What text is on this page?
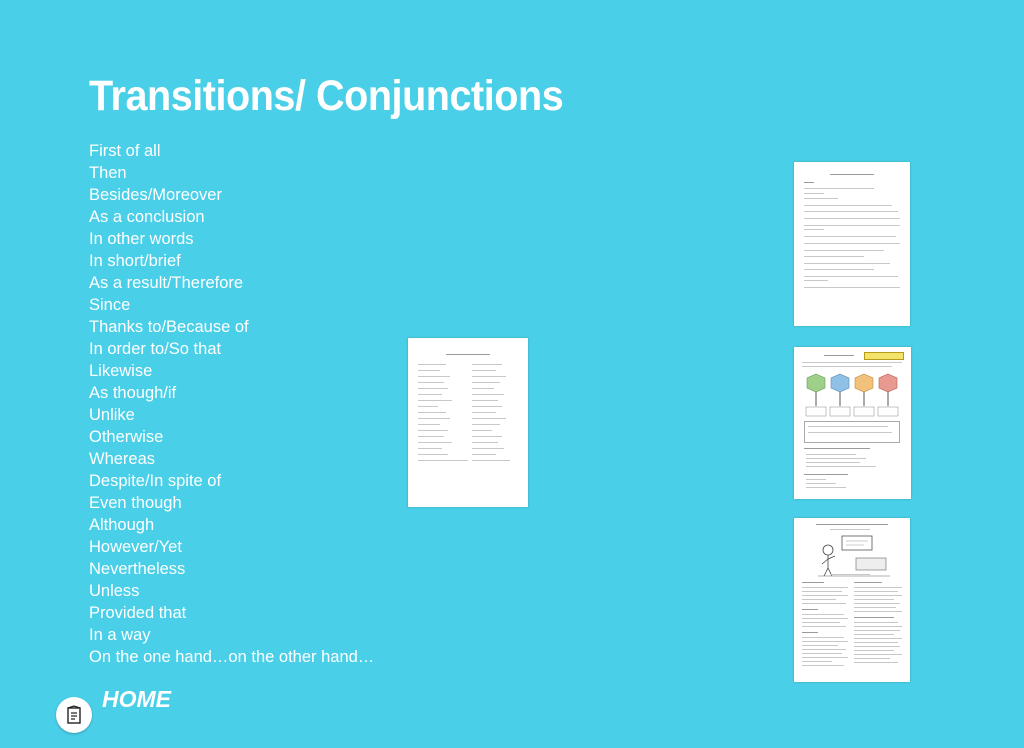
Transitions/ Conjunctions
First of all
Then
Besides/Moreover
As a conclusion
In other words
In short/brief
As a result/Therefore
Since
Thanks to/Because of
In order to/So that
Likewise
As though/if
Unlike
Otherwise
Whereas
Despite/In spite of
Even though
Although
However/Yet
Nevertheless
Unless
Provided that
In a way
On the one hand…on the other hand…
HOME
